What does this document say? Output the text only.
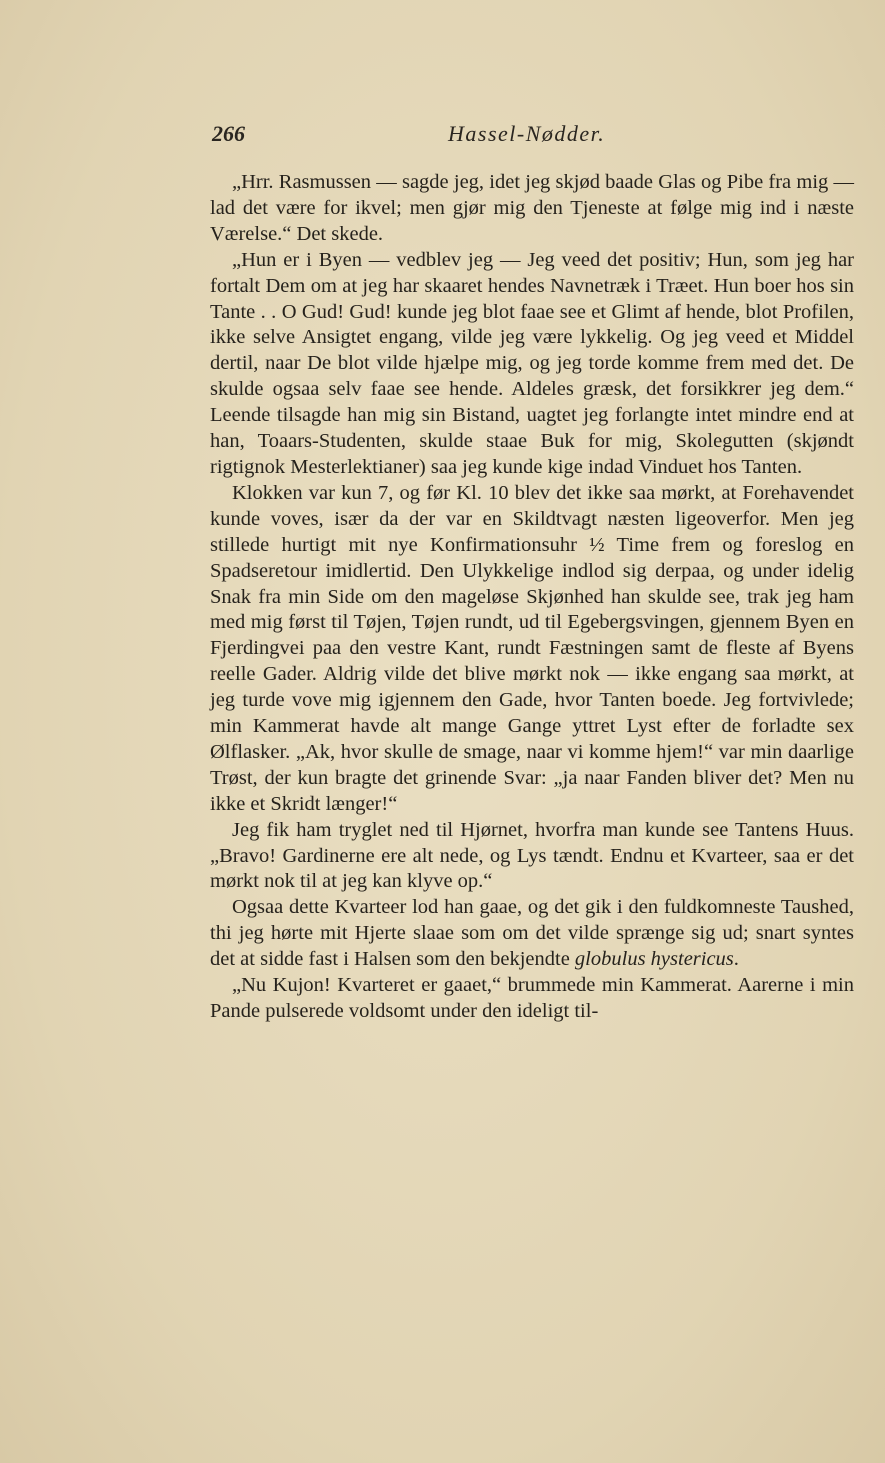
266	Hassel-Nødder.

„Hrr. Rasmussen — sagde jeg, idet jeg skjød baade Glas og Pibe fra mig — lad det være for ikvel; men gjør mig den Tjeneste at følge mig ind i næste Værelse.“ Det skede.

„Hun er i Byen — vedblev jeg — Jeg veed det positiv; Hun, som jeg har fortalt Dem om at jeg har skaaret hendes Navnetræk i Træet. Hun boer hos sin Tante . . O Gud! Gud! kunde jeg blot faae see et Glimt af hende, blot Profilen, ikke selve Ansigtet engang, vilde jeg være lykkelig. Og jeg veed et Middel dertil, naar De blot vilde hjælpe mig, og jeg torde komme frem med det. De skulde ogsaa selv faae see hende. Aldeles græsk, det forsikkrer jeg dem.“ Leende tilsagde han mig sin Bistand, uagtet jeg forlangte intet mindre end at han, Toaars-Studenten, skulde staae Buk for mig, Skolegutten (skjøndt rigtignok Mesterlektianer) saa jeg kunde kige indad Vinduet hos Tanten.

Klokken var kun 7, og før Kl. 10 blev det ikke saa mørkt, at Forehavendet kunde voves, især da der var en Skildtvagt næsten ligeoverfor. Men jeg stillede hurtigt mit nye Konfirmationsuhr ½ Time frem og foreslog en Spadseretour imidlertid. Den Ulykkelige indlod sig derpaa, og under idelig Snak fra min Side om den mageløse Skjønhed han skulde see, trak jeg ham med mig først til Tøjen, Tøjen rundt, ud til Egebergsvingen, gjennem Byen en Fjerdingvei paa den vestre Kant, rundt Fæstningen samt de fleste af Byens reelle Gader. Aldrig vilde det blive mørkt nok — ikke engang saa mørkt, at jeg turde vove mig igjennem den Gade, hvor Tanten boede. Jeg fortvivlede; min Kammerat havde alt mange Gange yttret Lyst efter de forladte sex Ølflasker. „Ak, hvor skulle de smage, naar vi komme hjem!“ var min daarlige Trøst, der kun bragte det grinende Svar: „ja naar Fanden bliver det? Men nu ikke et Skridt længer!“

Jeg fik ham tryglet ned til Hjørnet, hvorfra man kunde see Tantens Huus. „Bravo! Gardinerne ere alt nede, og Lys tændt. Endnu et Kvarteer, saa er det mørkt nok til at jeg kan klyve op.“

Ogsaa dette Kvarteer lod han gaae, og det gik i den fuldkomneste Taushed, thi jeg hørte mit Hjerte slaae som om det vilde sprænge sig ud; snart syntes det at sidde fast i Halsen som den bekjendte globulus hystericus.

„Nu Kujon! Kvarteret er gaaet,“ brummede min Kammerat. Aarerne i min Pande pulserede voldsomt under den ideligt til-
